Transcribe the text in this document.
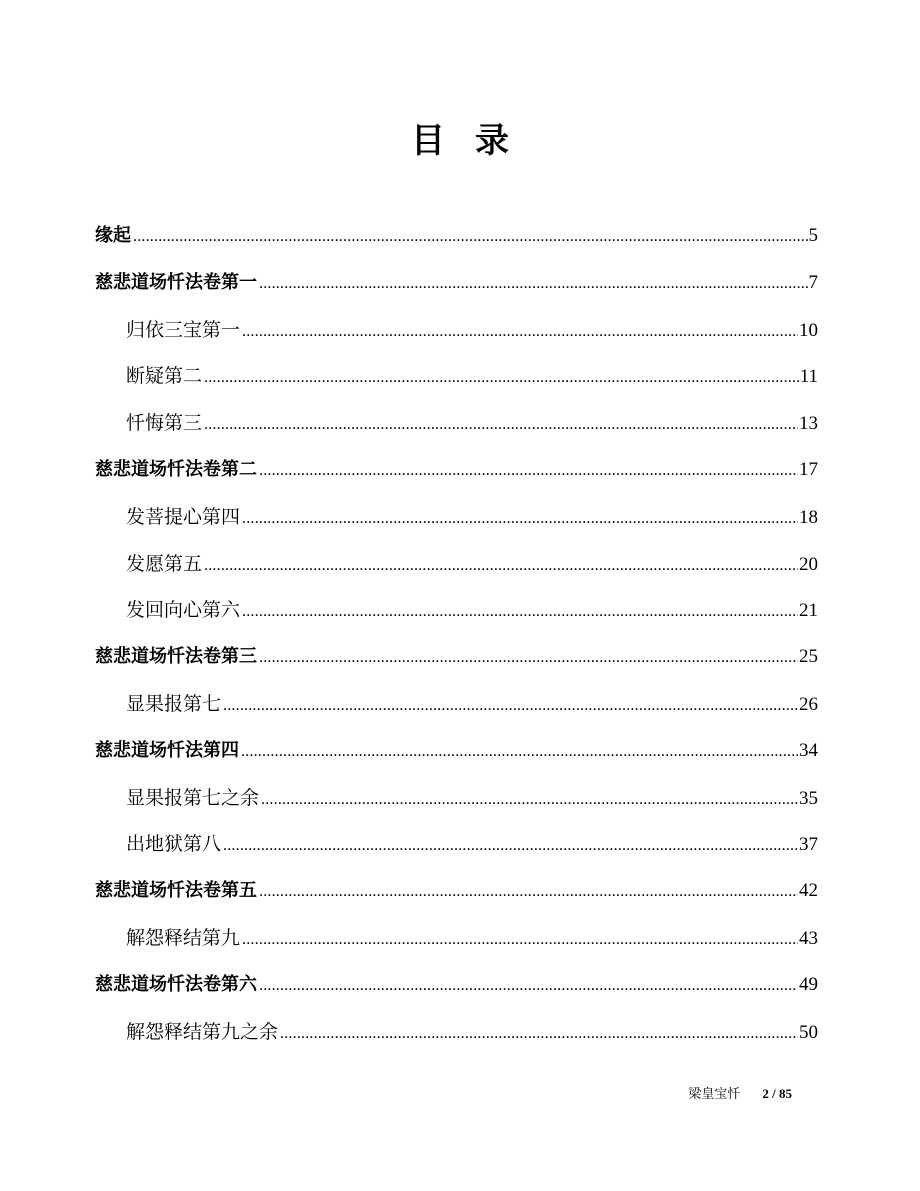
目录
缘起 .....	5
慈悲道场忏法卷第一 .....	7
归依三宝第一 .....	10
断疑第二 .....	11
忏悔第三 .....	13
慈悲道场忏法卷第二 .....	17
发菩提心第四 .....	18
发愿第五 .....	20
发回向心第六 .....	21
慈悲道场忏法卷第三 .....	25
显果报第七 .....	26
慈悲道场忏法第四 .....	34
显果报第七之余 .....	35
出地狱第八 .....	37
慈悲道场忏法卷第五 .....	42
解怨释结第九 .....	43
慈悲道场忏法卷第六 .....	49
解怨释结第九之余 .....	50
梁皇宝忏 2 / 85
